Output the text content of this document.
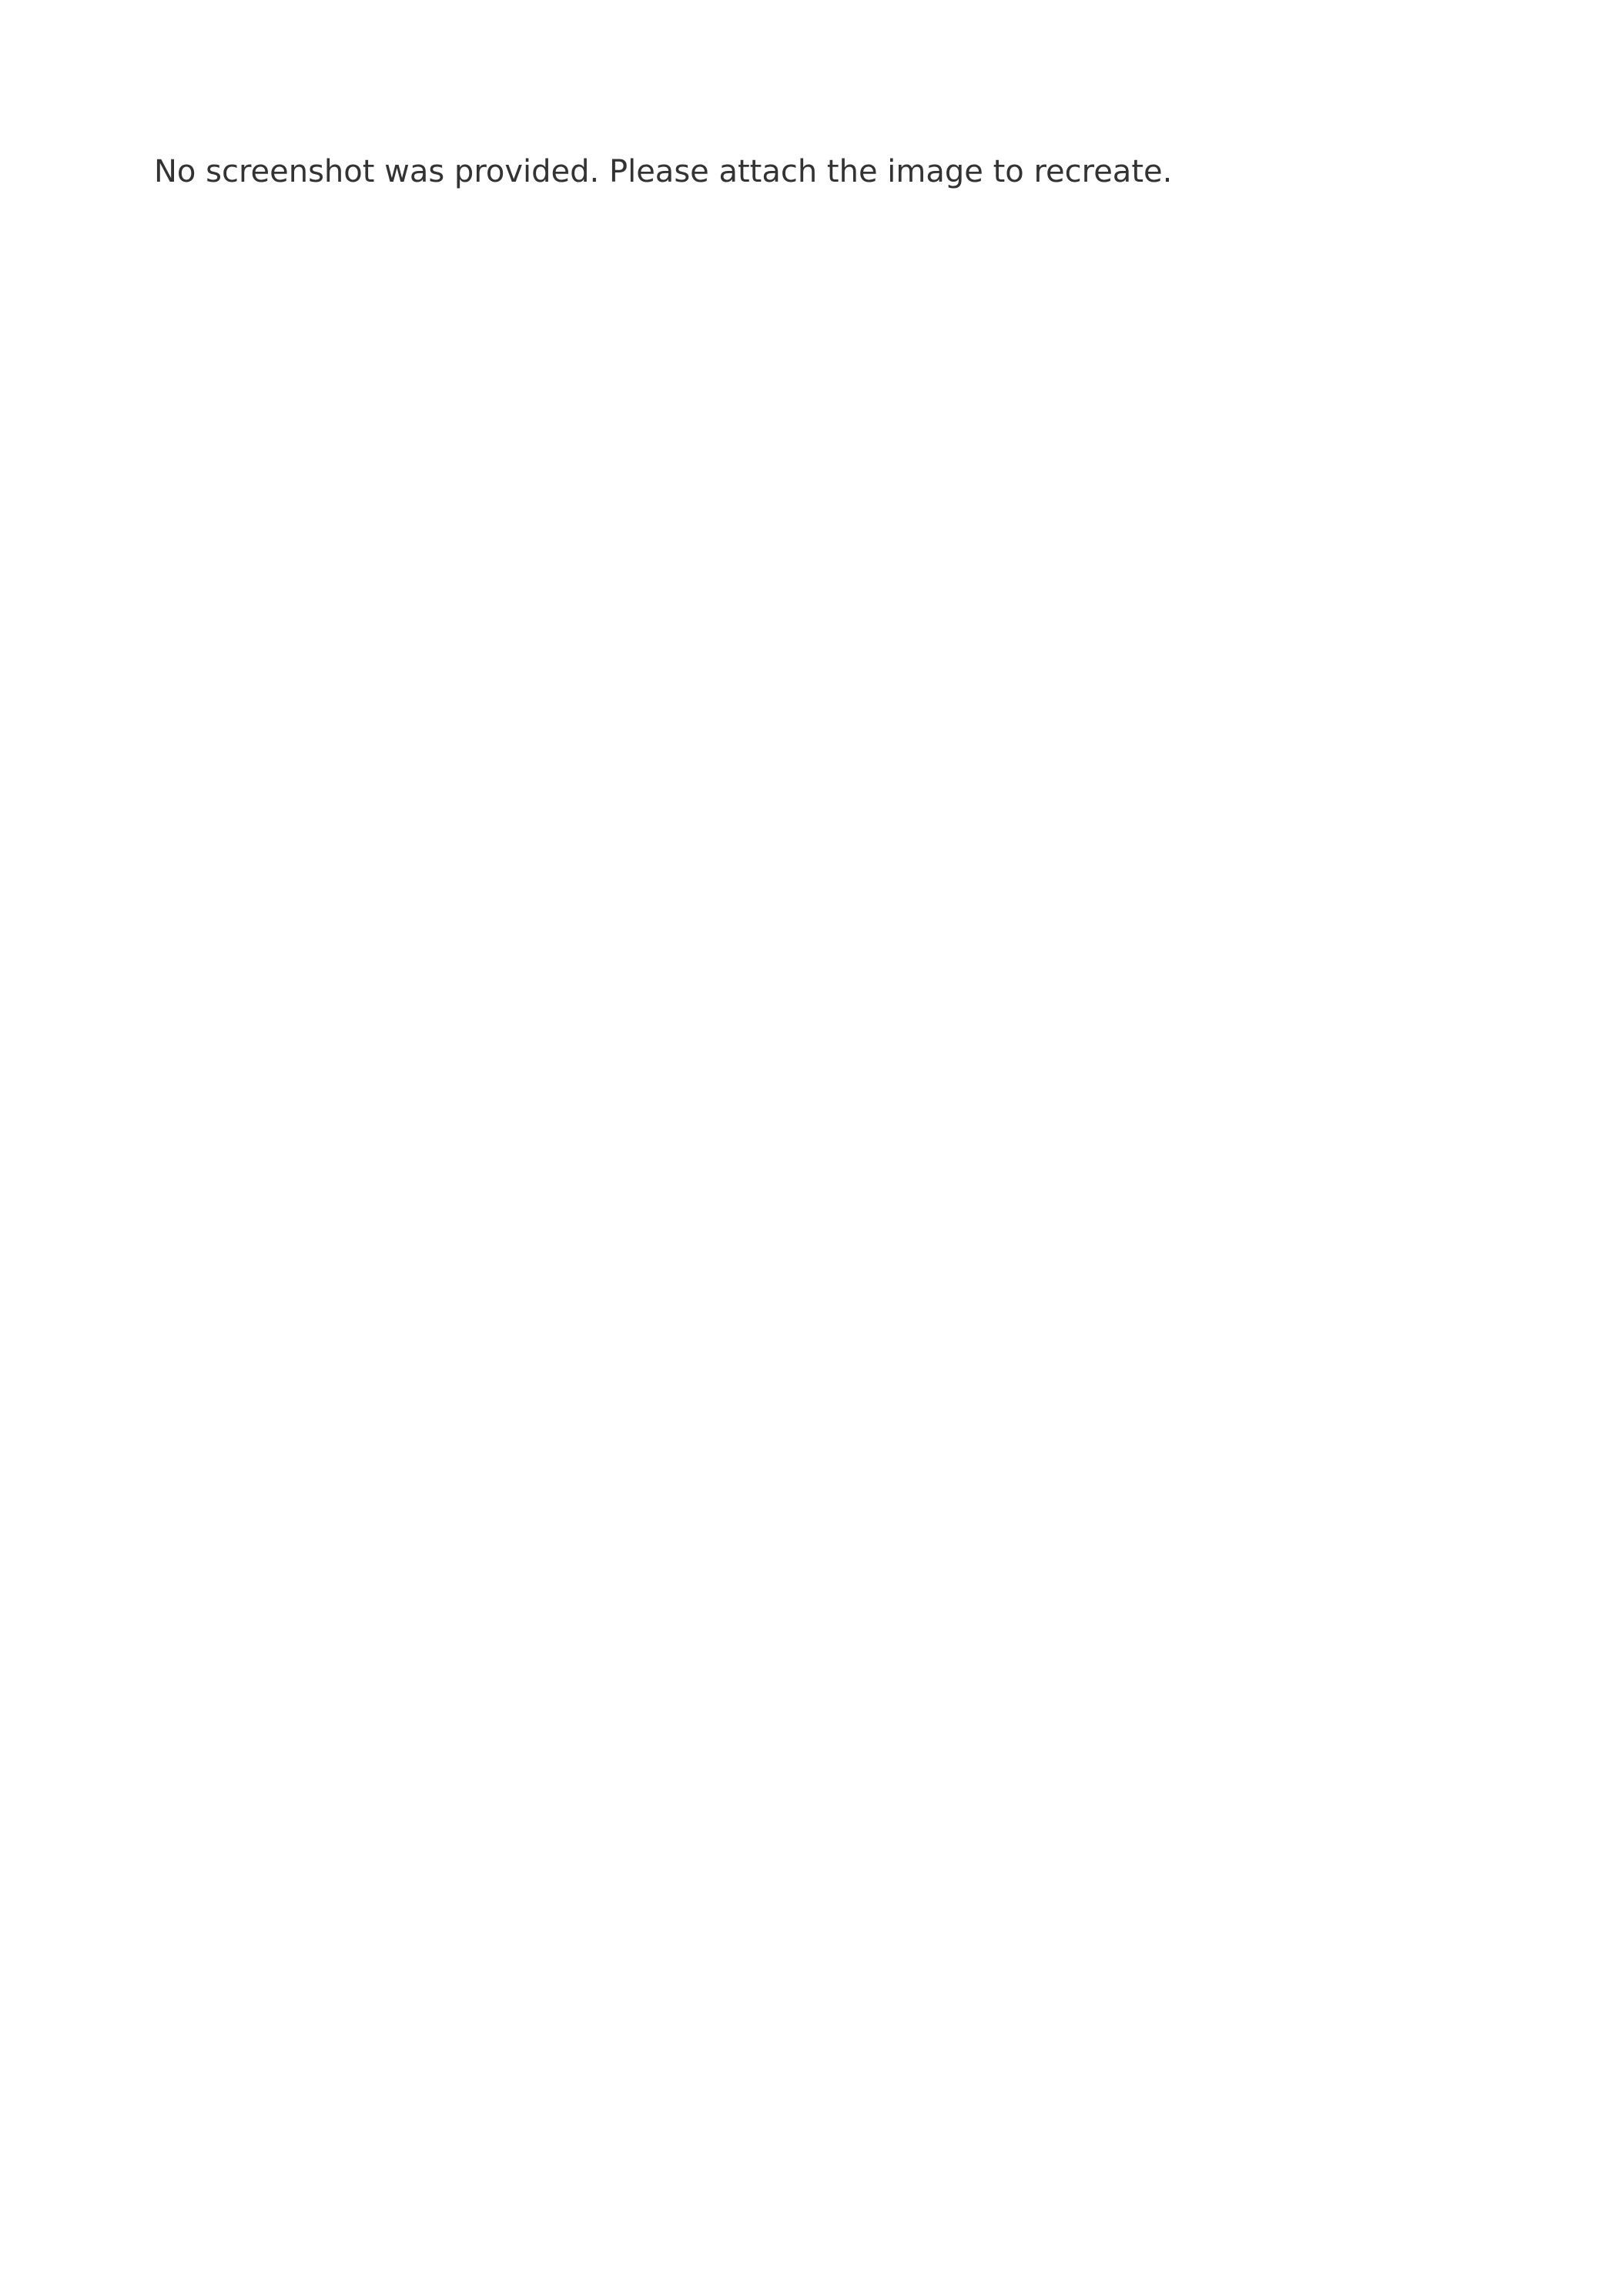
No screenshot was provided. Please attach the image to recreate.
